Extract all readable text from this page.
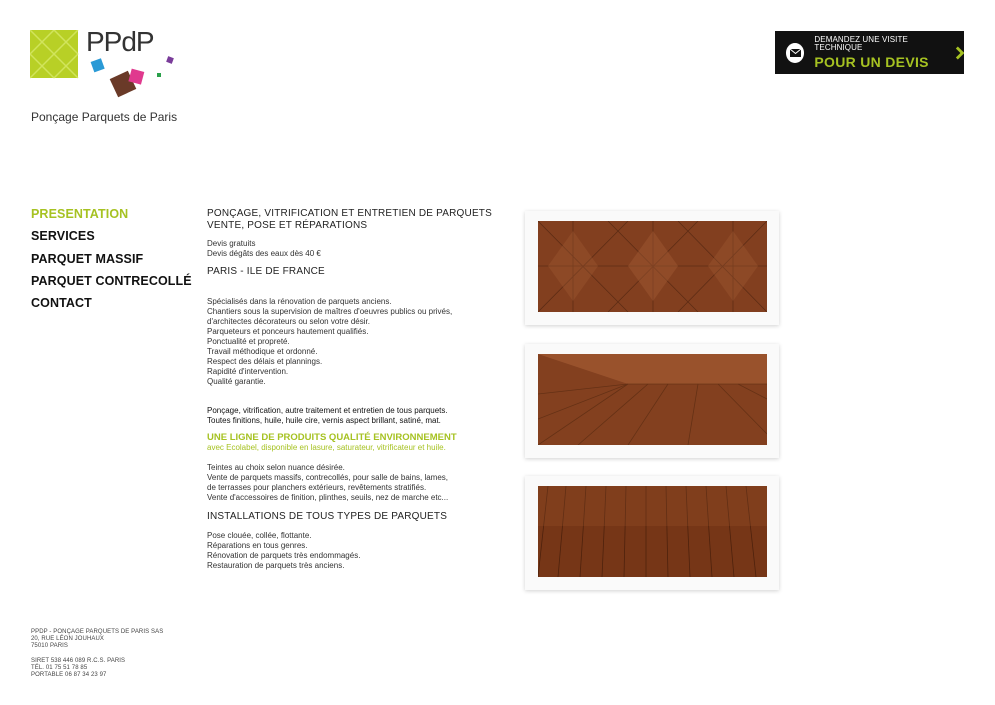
PPdP
Ponçage Parquets de Paris
DEMANDEZ UNE VISITE TECHNIQUE
POUR UN DEVIS
PRESENTATION
SERVICES
PARQUET MASSIF
PARQUET CONTRECOLLÉ
CONTACT
PONÇAGE, VITRIFICATION ET ENTRETIEN DE PARQUETS
VENTE, POSE ET RÉPARATIONS
Devis gratuits
Devis dégâts des eaux dès 40 €
PARIS - ILE DE FRANCE
Spécialisés dans la rénovation de parquets anciens.
Chantiers sous la supervision de maîtres d'oeuvres publics ou privés,
d'architectes décorateurs ou selon votre désir.
Parqueteurs et ponceurs hautement qualifiés.
Ponctualité et propreté.
Travail méthodique et ordonné.
Respect des délais et plannings.
Rapidité d'intervention.
Qualité garantie.
Ponçage, vitrification, autre traitement et entretien de tous parquets.
Toutes finitions, huile, huile cire, vernis aspect brillant, satiné, mat.
UNE LIGNE DE PRODUITS QUALITÉ ENVIRONNEMENT
avec Ecolabel, disponible en lasure, saturateur, vitrificateur et huile.
Teintes au choix selon nuance désirée.
Vente de parquets massifs, contrecollés, pour salle de bains, lames,
de terrasses pour planchers extérieurs, revêtements stratifiés.
Vente d'accessoires de finition, plinthes, seuils, nez de marche etc...
INSTALLATIONS DE TOUS TYPES DE PARQUETS
Pose clouée, collée, flottante.
Réparations en tous genres.
Rénovation de parquets très endommagés.
Restauration de parquets très anciens.
PPDP - PONÇAGE PARQUETS DE PARIS SAS
20, RUE LÉON JOUHAUX
75010 PARIS
SIRET 538 446 089 R.C.S. PARIS
TÉL. 01 75 51 78 85
PORTABLE 06 87 34 23 97
